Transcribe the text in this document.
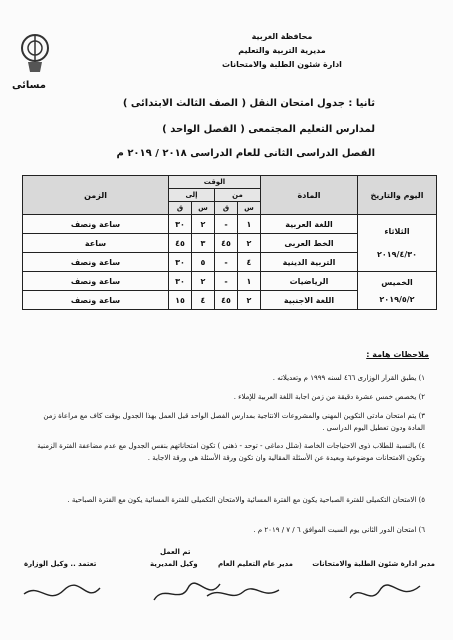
مسائى
محافظة الغربية
مديرية التربية والتعليم
ادارة شئون الطلبة والامتحانات
ثانيا : جدول امتحان النقل ( الصف الثالث الابتدائى )
لمدارس التعليم المجتمعى ( الفصل الواحد )
الفصل الدراسى الثانى للعام الدراسى ٢٠١٨ / ٢٠١٩ م
اليوم والتاريخ	المادة	الوقت				الزمن
		من		إلى		
		س	ق	س	ق	

الثلاثاء
٢٠١٩/٤/٣٠	اللغة العربية	١	-	٢	٣٠	ساعة ونصف
	الخط العربى	٢	٤٥	٣	٤٥	ساعة
	التربية الدينية	٤	-	٥	٣٠	ساعة ونصف

الخميس
٢٠١٩/٥/٢	الرياضيات	١	-	٢	٣٠	ساعة ونصف
	اللغة الاجنبية	٢	٤٥	٤	١٥	ساعة ونصف
ملاحظات هامة :
١) يطبق القرار الوزارى ٤٦٦ لسنه ١٩٩٩ م وتعديلاته .
٢) يخصص خمس عشرة دقيقة من زمن اجابة اللغة العربية للإملاء .
٣) يتم امتحان مادتى التكوين المهنى والمشروعات الانتاجية بمدارس الفصل الواحد قبل العمل بهذا الجدول بوقت كاف مع مراعاة زمن المادة ودون تعطيل اليوم الدراسى .
٤) بالنسبة للطلاب ذوى الاحتياجات الخاصة (شلل دماغى - توحد - ذهنى ) تكون امتحاناتهم بنفس الجدول مع عدم مضاعفة الفترة الزمنية وتكون الامتحانات موضوعية وبعيدة عن الأسئلة المقالية وان تكون ورقة الأسئلة هى ورقة الاجابة .
٥) الامتحان التكميلى للفترة الصباحية يكون مع الفترة المسائية والامتحان التكميلى للفترة المسائية يكون مع الفترة الصباحية .
٦) امتحان الدور الثانى يوم السبت الموافق ٦ / ٧ / ٢٠١٩ م .
مدير ادارة شئون الطلبة والامتحانات
مدير عام التعليم العام
تم العمل
وكيل المديرية
تعتمد .. وكيل الوزارة
